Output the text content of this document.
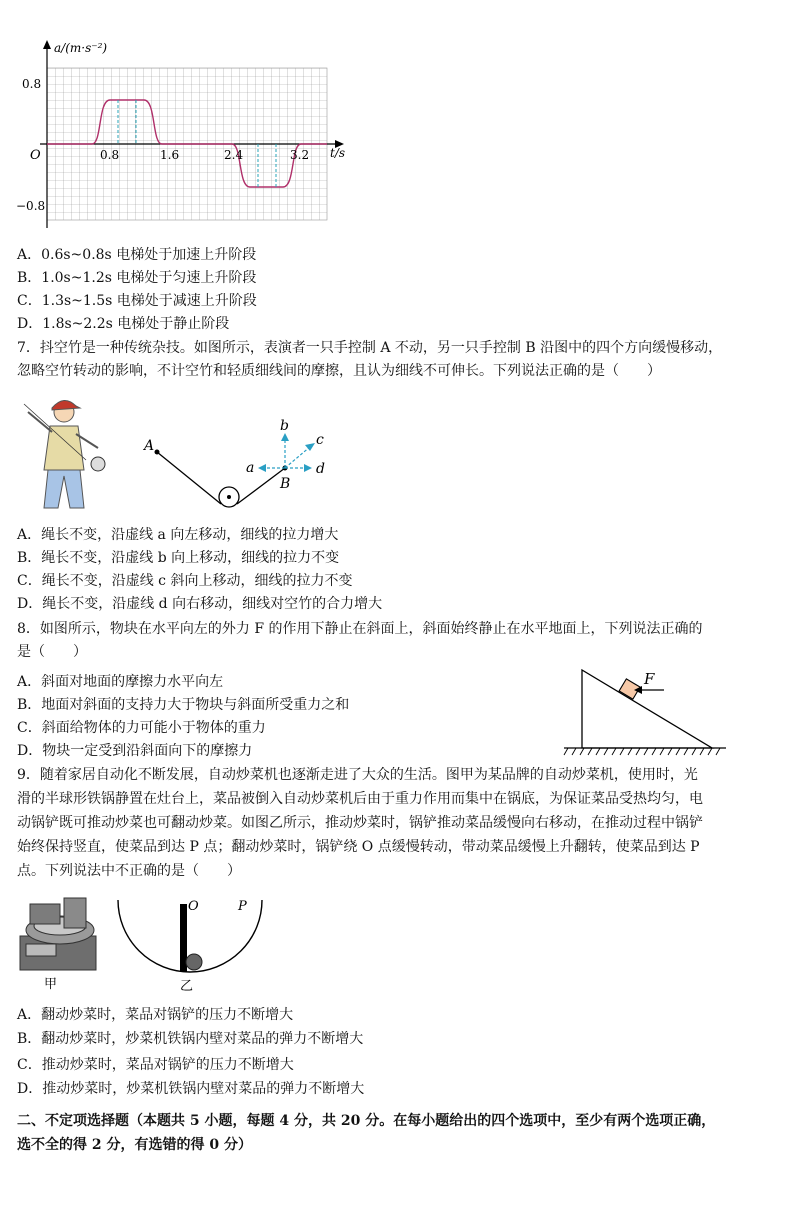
a/(m·s⁻²)
t/s
O
0.8
−0.8
0.8	1.6	2.4	3.2
A．0.6s~0.8s 电梯处于加速上升阶段
B．1.0s~1.2s 电梯处于匀速上升阶段
C．1.3s~1.5s 电梯处于减速上升阶段
D．1.8s~2.2s 电梯处于静止阶段
7．抖空竹是一种传统杂技。如图所示，表演者一只手控制 A 不动，另一只手控制 B 沿图中的四个方向缓慢移动，
忽略空竹转动的影响，不计空竹和轻质细线间的摩擦，且认为细线不可伸长。下列说法正确的是（　　）
A
B
a
b
c
d
A．绳长不变，沿虚线 a 向左移动，细线的拉力增大
B．绳长不变，沿虚线 b 向上移动，细线的拉力不变
C．绳长不变，沿虚线 c 斜向上移动，细线的拉力不变
D．绳长不变，沿虚线 d 向右移动，细线对空竹的合力增大
8．如图所示，物块在水平向左的外力 F 的作用下静止在斜面上，斜面始终静止在水平地面上，下列说法正确的
是（　　）
A．斜面对地面的摩擦力水平向左
B．地面对斜面的支持力大于物块与斜面所受重力之和
C．斜面给物体的力可能小于物体的重力
D．物块一定受到沿斜面向下的摩擦力
F
9．随着家居自动化不断发展，自动炒菜机也逐渐走进了大众的生活。图甲为某品牌的自动炒菜机，使用时，光
滑的半球形铁锅静置在灶台上，菜品被倒入自动炒菜机后由于重力作用而集中在锅底，为保证菜品受热均匀，电
动锅铲既可推动炒菜也可翻动炒菜。如图乙所示，推动炒菜时，锅铲推动菜品缓慢向右移动，在推动过程中锅铲
始终保持竖直，使菜品到达 P 点；翻动炒菜时，锅铲绕 O 点缓慢转动，带动菜品缓慢上升翻转，使菜品到达 P
点。下列说法中不正确的是（　　）
甲
O	P
乙
A．翻动炒菜时，菜品对锅铲的压力不断增大
B．翻动炒菜时，炒菜机铁锅内壁对菜品的弹力不断增大
C．推动炒菜时，菜品对锅铲的压力不断增大
D．推动炒菜时，炒菜机铁锅内壁对菜品的弹力不断增大
二、不定项选择题（本题共 5 小题，每题 4 分，共 20 分。在每小题给出的四个选项中，至少有两个选项正确，
选不全的得 2 分，有选错的得 0 分）
